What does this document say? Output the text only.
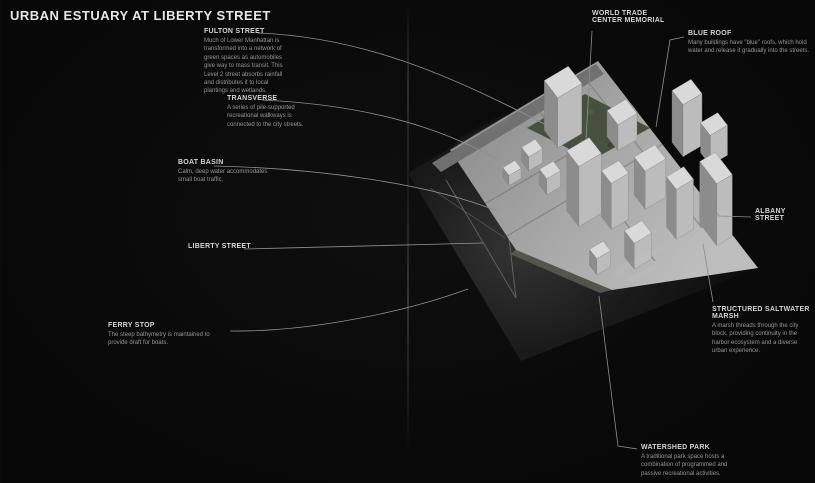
URBAN ESTUARY AT LIBERTY STREET
FULTON STREET
Much of Lower Manhattan is transformed into a network of green spaces as automobiles give way to mass transit. This Level 2 street absorbs rainfall and distributes it to local plantings and wetlands.
TRANSVERSE
A series of pile-supported recreational walkways is connected to the city streets.
BOAT BASIN
Calm, deep water accommodates small boat traffic.
LIBERTY STREET
FERRY STOP
The steep bathymetry is maintained to provide draft for boats.
WORLD TRADE CENTER MEMORIAL
BLUE ROOF
Many buildings have "blue" roofs, which hold water and release it gradually into the streets.
ALBANY STREET
STRUCTURED SALTWATER MARSH
A marsh threads through the city block, providing continuity in the harbor ecosystem and a diverse urban experience.
WATERSHED PARK
A traditional park space hosts a combination of programmed and passive recreational activities.
